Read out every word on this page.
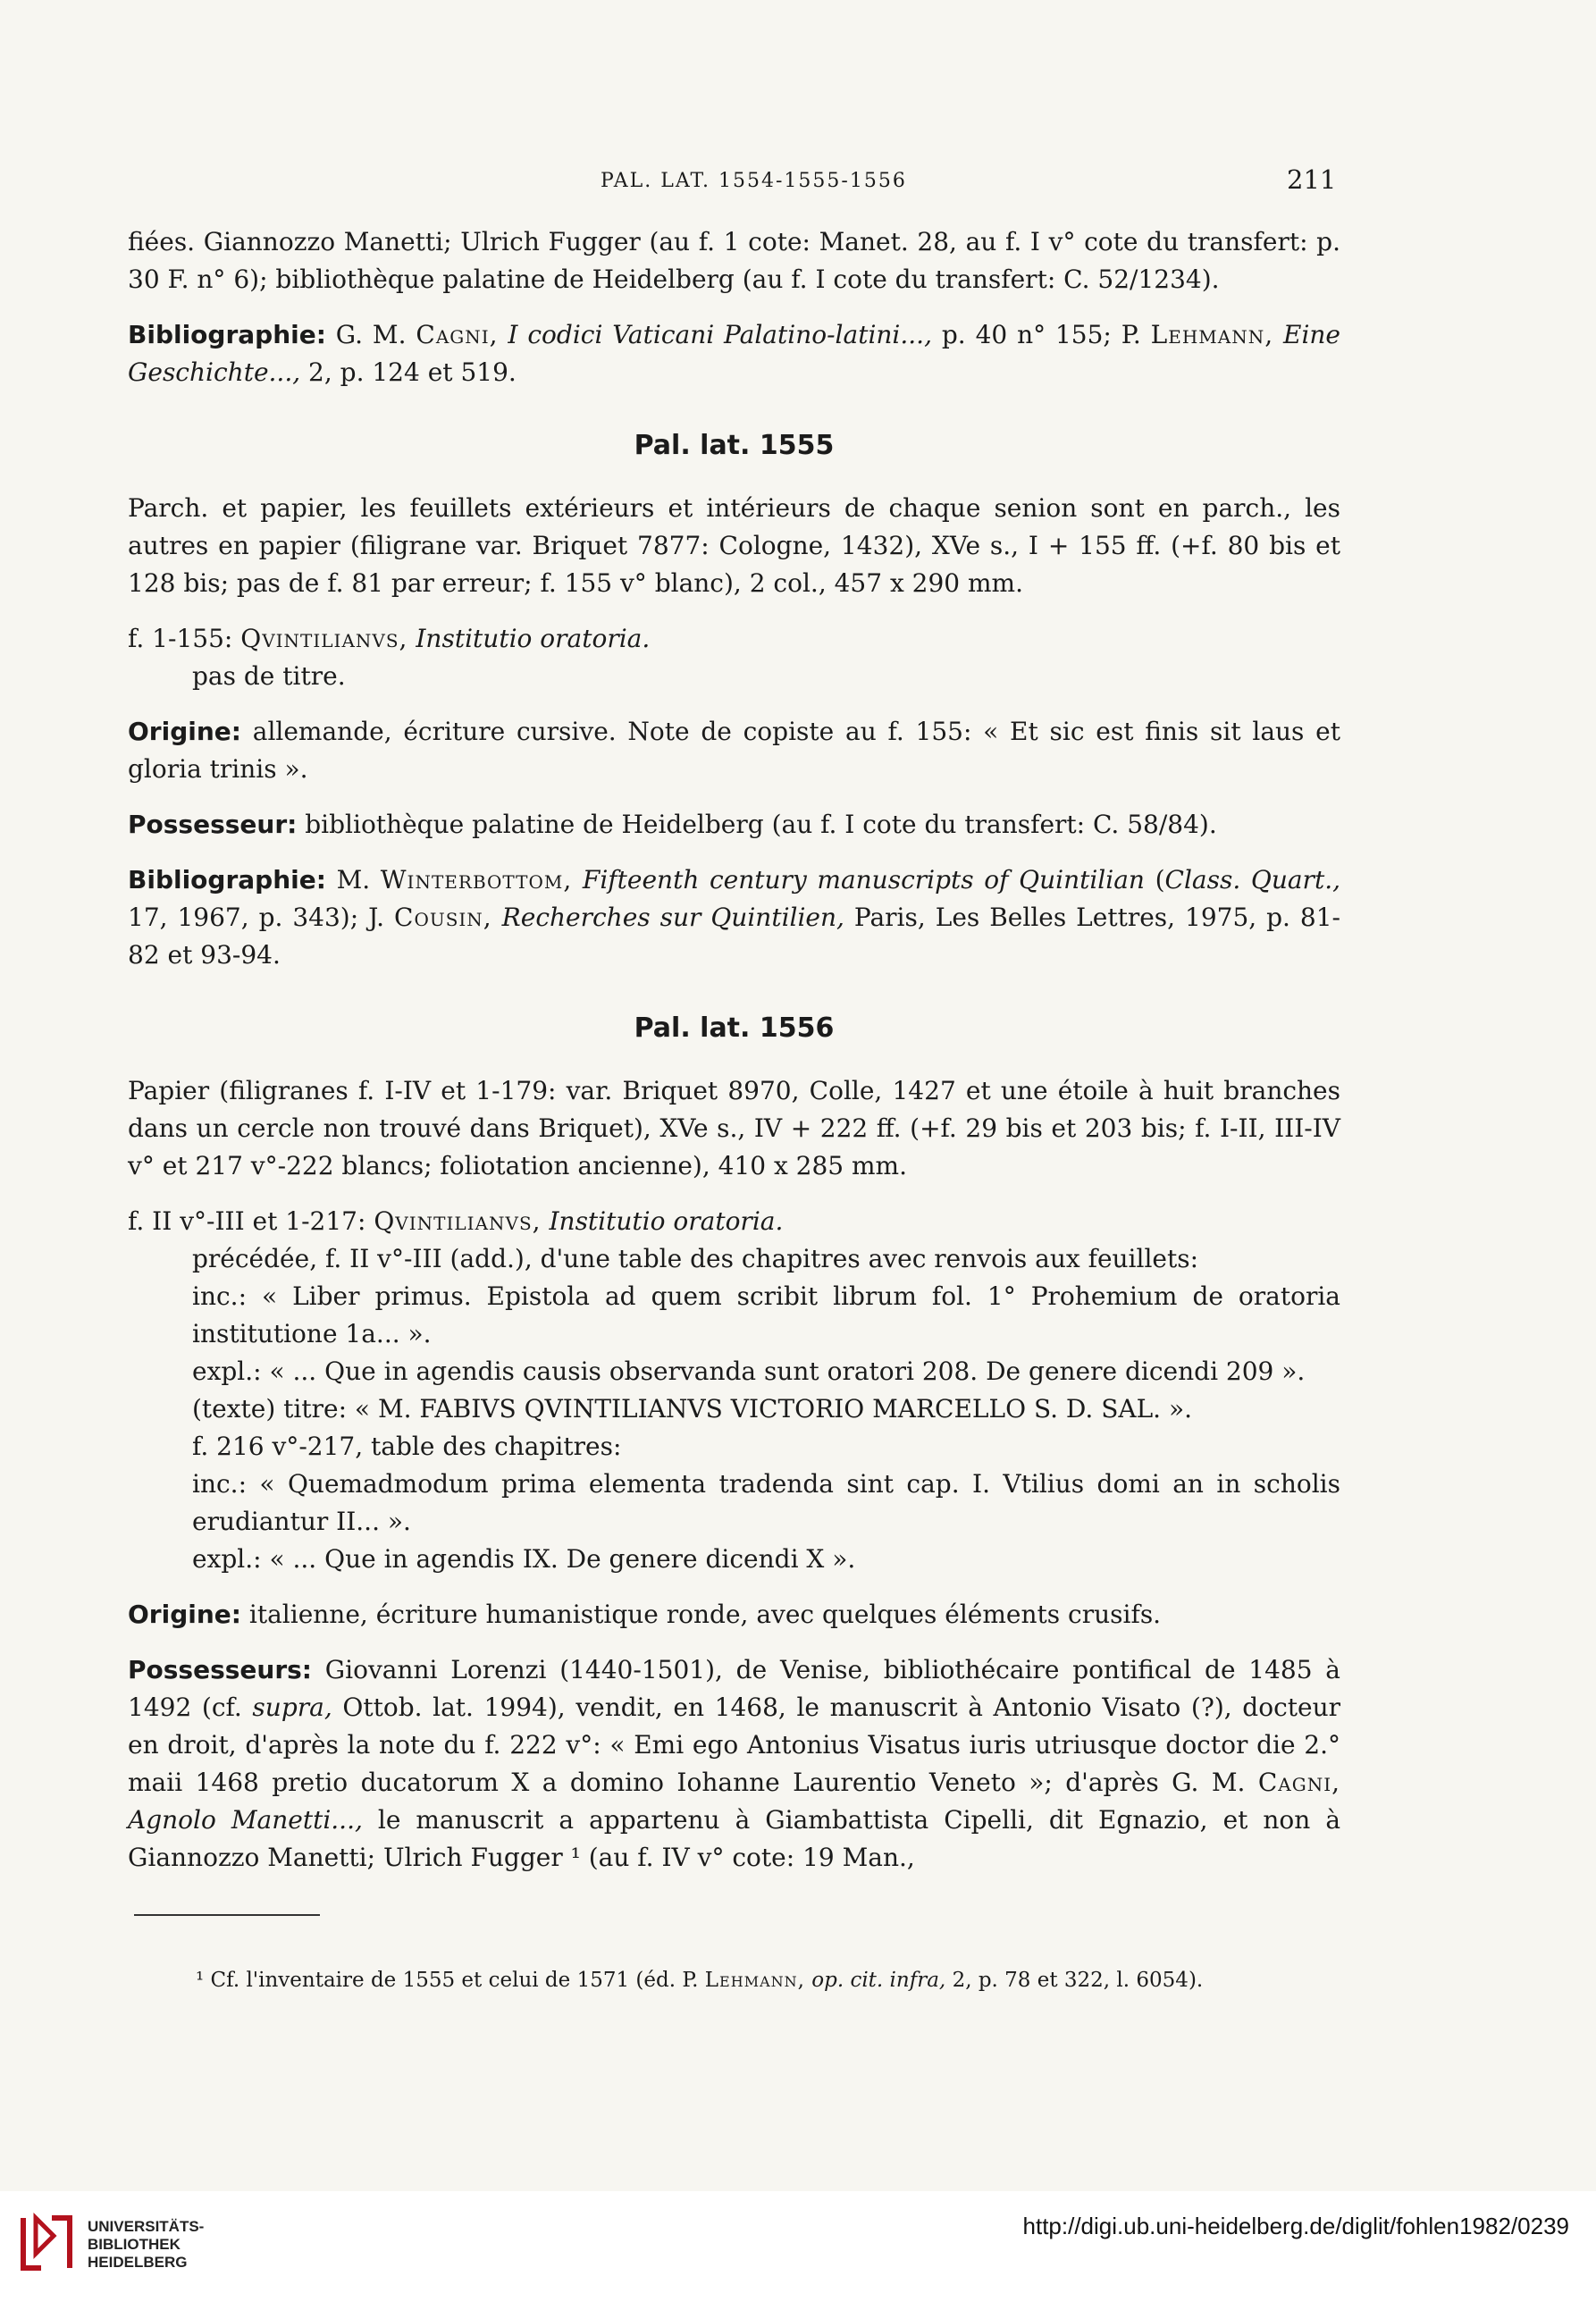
PAL. LAT. 1554-1555-1556	211

fiées. Giannozzo Manetti; Ulrich Fugger (au f. 1 cote: Manet. 28, au f. I v° cote du transfert: p. 30 F. n° 6); bibliothèque palatine de Heidelberg (au f. I cote du transfert: C. 52/1234).

Bibliographie: G. M. Cagni, I codici Vaticani Palatino-latini..., p. 40 n° 155; P. Lehmann, Eine Geschichte..., 2, p. 124 et 519.

Pal. lat. 1555

Parch. et papier, les feuillets extérieurs et intérieurs de chaque senion sont en parch., les autres en papier (filigrane var. Briquet 7877: Cologne, 1432), XVe s., I + 155 ff. (+f. 80 bis et 128 bis; pas de f. 81 par erreur; f. 155 v° blanc), 2 col., 457 x 290 mm.

f. 1-155: Qvintilianvs, Institutio oratoria.

pas de titre.

Origine: allemande, écriture cursive. Note de copiste au f. 155: « Et sic est finis sit laus et gloria trinis ».

Possesseur: bibliothèque palatine de Heidelberg (au f. I cote du transfert: C. 58/84).

Bibliographie: M. Winterbottom, Fifteenth century manuscripts of Quintilian (Class. Quart., 17, 1967, p. 343); J. Cousin, Recherches sur Quintilien, Paris, Les Belles Lettres, 1975, p. 81-82 et 93-94.

Pal. lat. 1556

Papier (filigranes f. I-IV et 1-179: var. Briquet 8970, Colle, 1427 et une étoile à huit branches dans un cercle non trouvé dans Briquet), XVe s., IV + 222 ff. (+f. 29 bis et 203 bis; f. I-II, III-IV v° et 217 v°-222 blancs; foliotation ancienne), 410 x 285 mm.

f. II v°-III et 1-217: Qvintilianvs, Institutio oratoria.

précédée, f. II v°-III (add.), d'une table des chapitres avec renvois aux feuillets:

inc.: « Liber primus. Epistola ad quem scribit librum fol. 1° Prohemium de oratoria institutione 1a... ».

expl.: « ... Que in agendis causis observanda sunt oratori 208. De genere dicendi 209 ».

(texte) titre: « M. FABIVS QVINTILIANVS VICTORIO MARCELLO S. D. SAL. ».

f. 216 v°-217, table des chapitres:

inc.: « Quemadmodum prima elementa tradenda sint cap. I. Vtilius domi an in scholis erudiantur II... ».

expl.: « ... Que in agendis IX. De genere dicendi X ».

Origine: italienne, écriture humanistique ronde, avec quelques éléments crusifs.

Possesseurs: Giovanni Lorenzi (1440-1501), de Venise, bibliothécaire pontifical de 1485 à 1492 (cf. supra, Ottob. lat. 1994), vendit, en 1468, le manuscrit à Antonio Visato (?), docteur en droit, d'après la note du f. 222 v°: « Emi ego Antonius Visatus iuris utriusque doctor die 2.° maii 1468 pretio ducatorum X a domino Iohanne Laurentio Veneto »; d'après G. M. Cagni, Agnolo Manetti..., le manuscrit a appartenu à Giambattista Cipelli, dit Egnazio, et non à Giannozzo Manetti; Ulrich Fugger ¹ (au f. IV v° cote: 19 Man.,

¹ Cf. l'inventaire de 1555 et celui de 1571 (éd. P. Lehmann, op. cit. infra, 2, p. 78 et 322, l. 6054).

UNIVERSITÄTS-
BIBLIOTHEK
HEIDELBERG
http://digi.ub.uni-heidelberg.de/diglit/fohlen1982/0239
